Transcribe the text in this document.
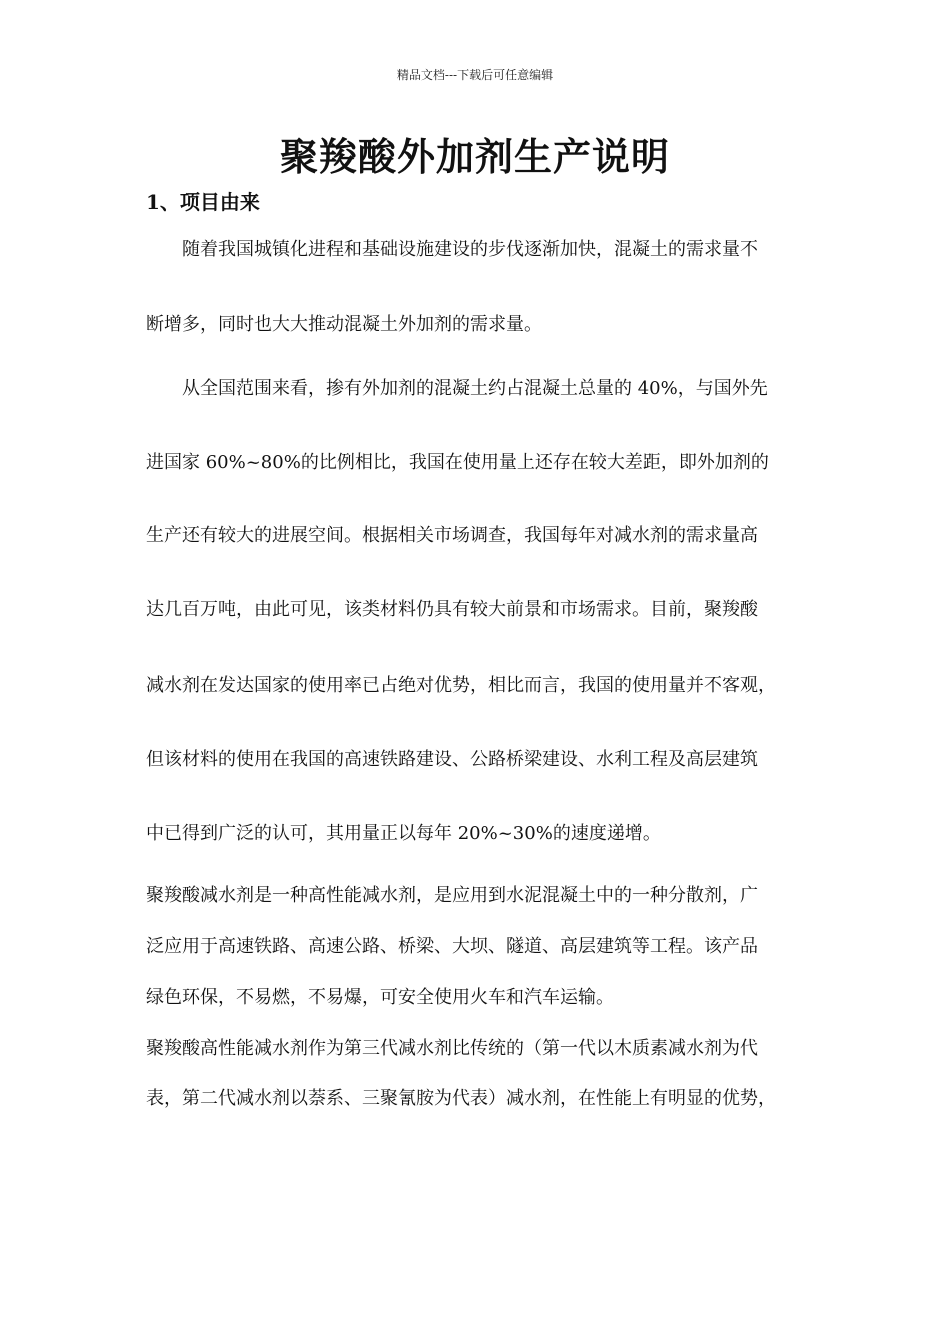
精品文档---下载后可任意编辑
聚羧酸外加剂生产说明
1、项目由来
随着我国城镇化进程和基础设施建设的步伐逐渐加快，混凝土的需求量不
断增多，同时也大大推动混凝土外加剂的需求量。
从全国范围来看，掺有外加剂的混凝土约占混凝土总量的 40%，与国外先
进国家 60%~80%的比例相比，我国在使用量上还存在较大差距，即外加剂的
生产还有较大的进展空间。根据相关市场调查，我国每年对减水剂的需求量高
达几百万吨，由此可见，该类材料仍具有较大前景和市场需求。目前，聚羧酸
减水剂在发达国家的使用率已占绝对优势，相比而言，我国的使用量并不客观，
但该材料的使用在我国的高速铁路建设、公路桥梁建设、水利工程及高层建筑
中已得到广泛的认可，其用量正以每年 20%~30%的速度递增。
聚羧酸减水剂是一种高性能减水剂，是应用到水泥混凝土中的一种分散剂，广
泛应用于高速铁路、高速公路、桥梁、大坝、隧道、高层建筑等工程。该产品
绿色环保，不易燃，不易爆，可安全使用火车和汽车运输。
聚羧酸高性能减水剂作为第三代减水剂比传统的（第一代以木质素减水剂为代
表，第二代减水剂以萘系、三聚氰胺为代表）减水剂，在性能上有明显的优势，
